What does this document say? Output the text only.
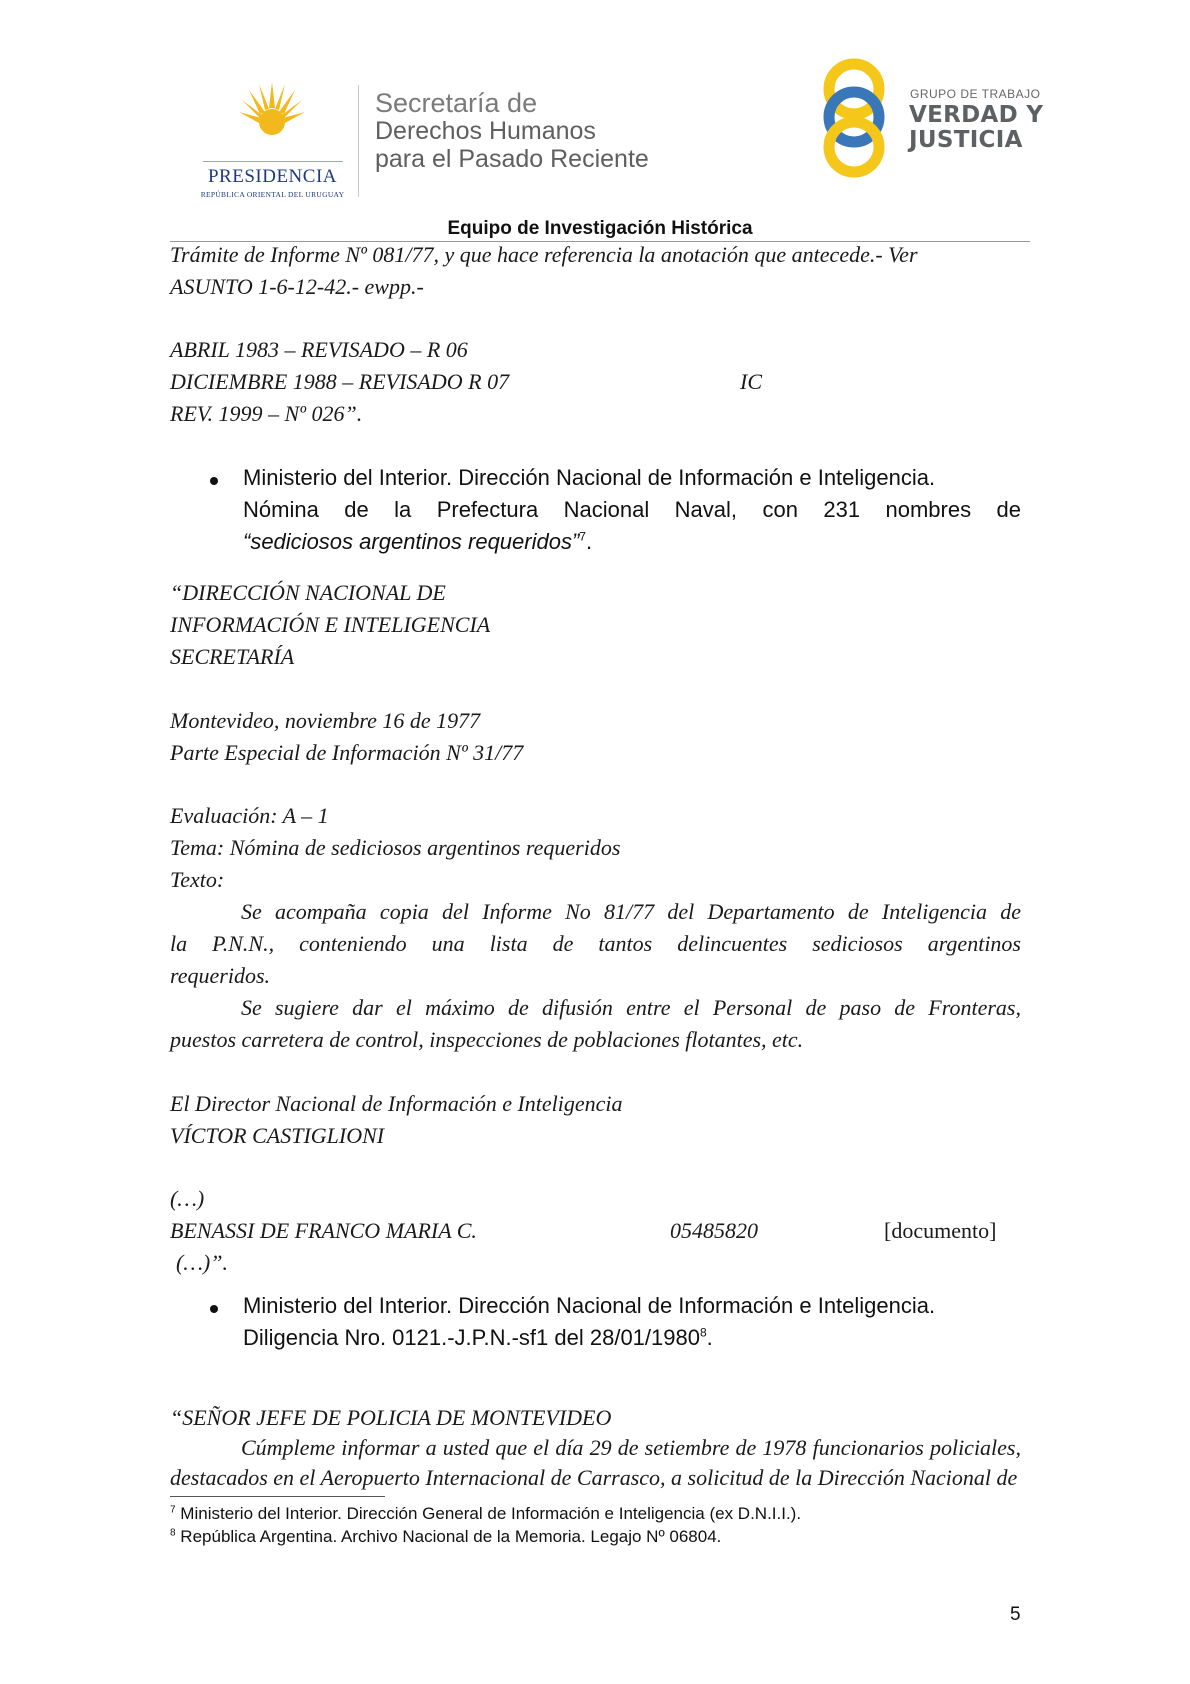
PRESIDENCIA
REPÚBLICA ORIENTAL DEL URUGUAY
Secretaría de
Derechos Humanos
para el Pasado Reciente
GRUPO DE TRABAJO
VERDAD Y
JUSTICIA
Equipo de Investigación Histórica
Trámite de Informe Nº 081/77, y que hace referencia la anotación que antecede.- Ver
ASUNTO 1-6-12-42.- ewpp.-
ABRIL 1983 – REVISADO – R 06
DICIEMBRE 1988 – REVISADO R 07	IC
REV. 1999 – Nº 026”.
Ministerio del Interior. Dirección Nacional de Información e Inteligencia.
Nómina de la Prefectura Nacional Naval, con 231 nombres de
“sediciosos argentinos requeridos”$^7$.
“DIRECCIÓN NACIONAL DE
INFORMACIÓN E INTELIGENCIA
SECRETARÍA
Montevideo, noviembre 16 de 1977
Parte Especial de Información Nº 31/77
Evaluación: A – 1
Tema: Nómina de sediciosos argentinos requeridos
Texto:
Se acompaña copia del Informe No 81/77 del Departamento de Inteligencia de
la P.N.N., conteniendo una lista de tantos delincuentes sediciosos argentinos
requeridos.
Se sugiere dar el máximo de difusión entre el Personal de paso de Fronteras,
puestos carretera de control, inspecciones de poblaciones flotantes, etc.
El Director Nacional de Información e Inteligencia
VÍCTOR CASTIGLIONI
(…)
BENASSI DE FRANCO MARIA C.	05485820	[documento]
(…)”.
Ministerio del Interior. Dirección Nacional de Información e Inteligencia.
Diligencia Nro. 0121.-J.P.N.-sf1 del 28/01/1980$^8$.
“SEÑOR JEFE DE POLICIA DE MONTEVIDEO
Cúmpleme informar a usted que el día 29 de setiembre de 1978 funcionarios policiales,
destacados en el Aeropuerto Internacional de Carrasco, a solicitud de la Dirección Nacional de
$^7$ Ministerio del Interior. Dirección General de Información e Inteligencia (ex D.N.I.I.).
$^8$ República Argentina. Archivo Nacional de la Memoria. Legajo Nº 06804.
5
